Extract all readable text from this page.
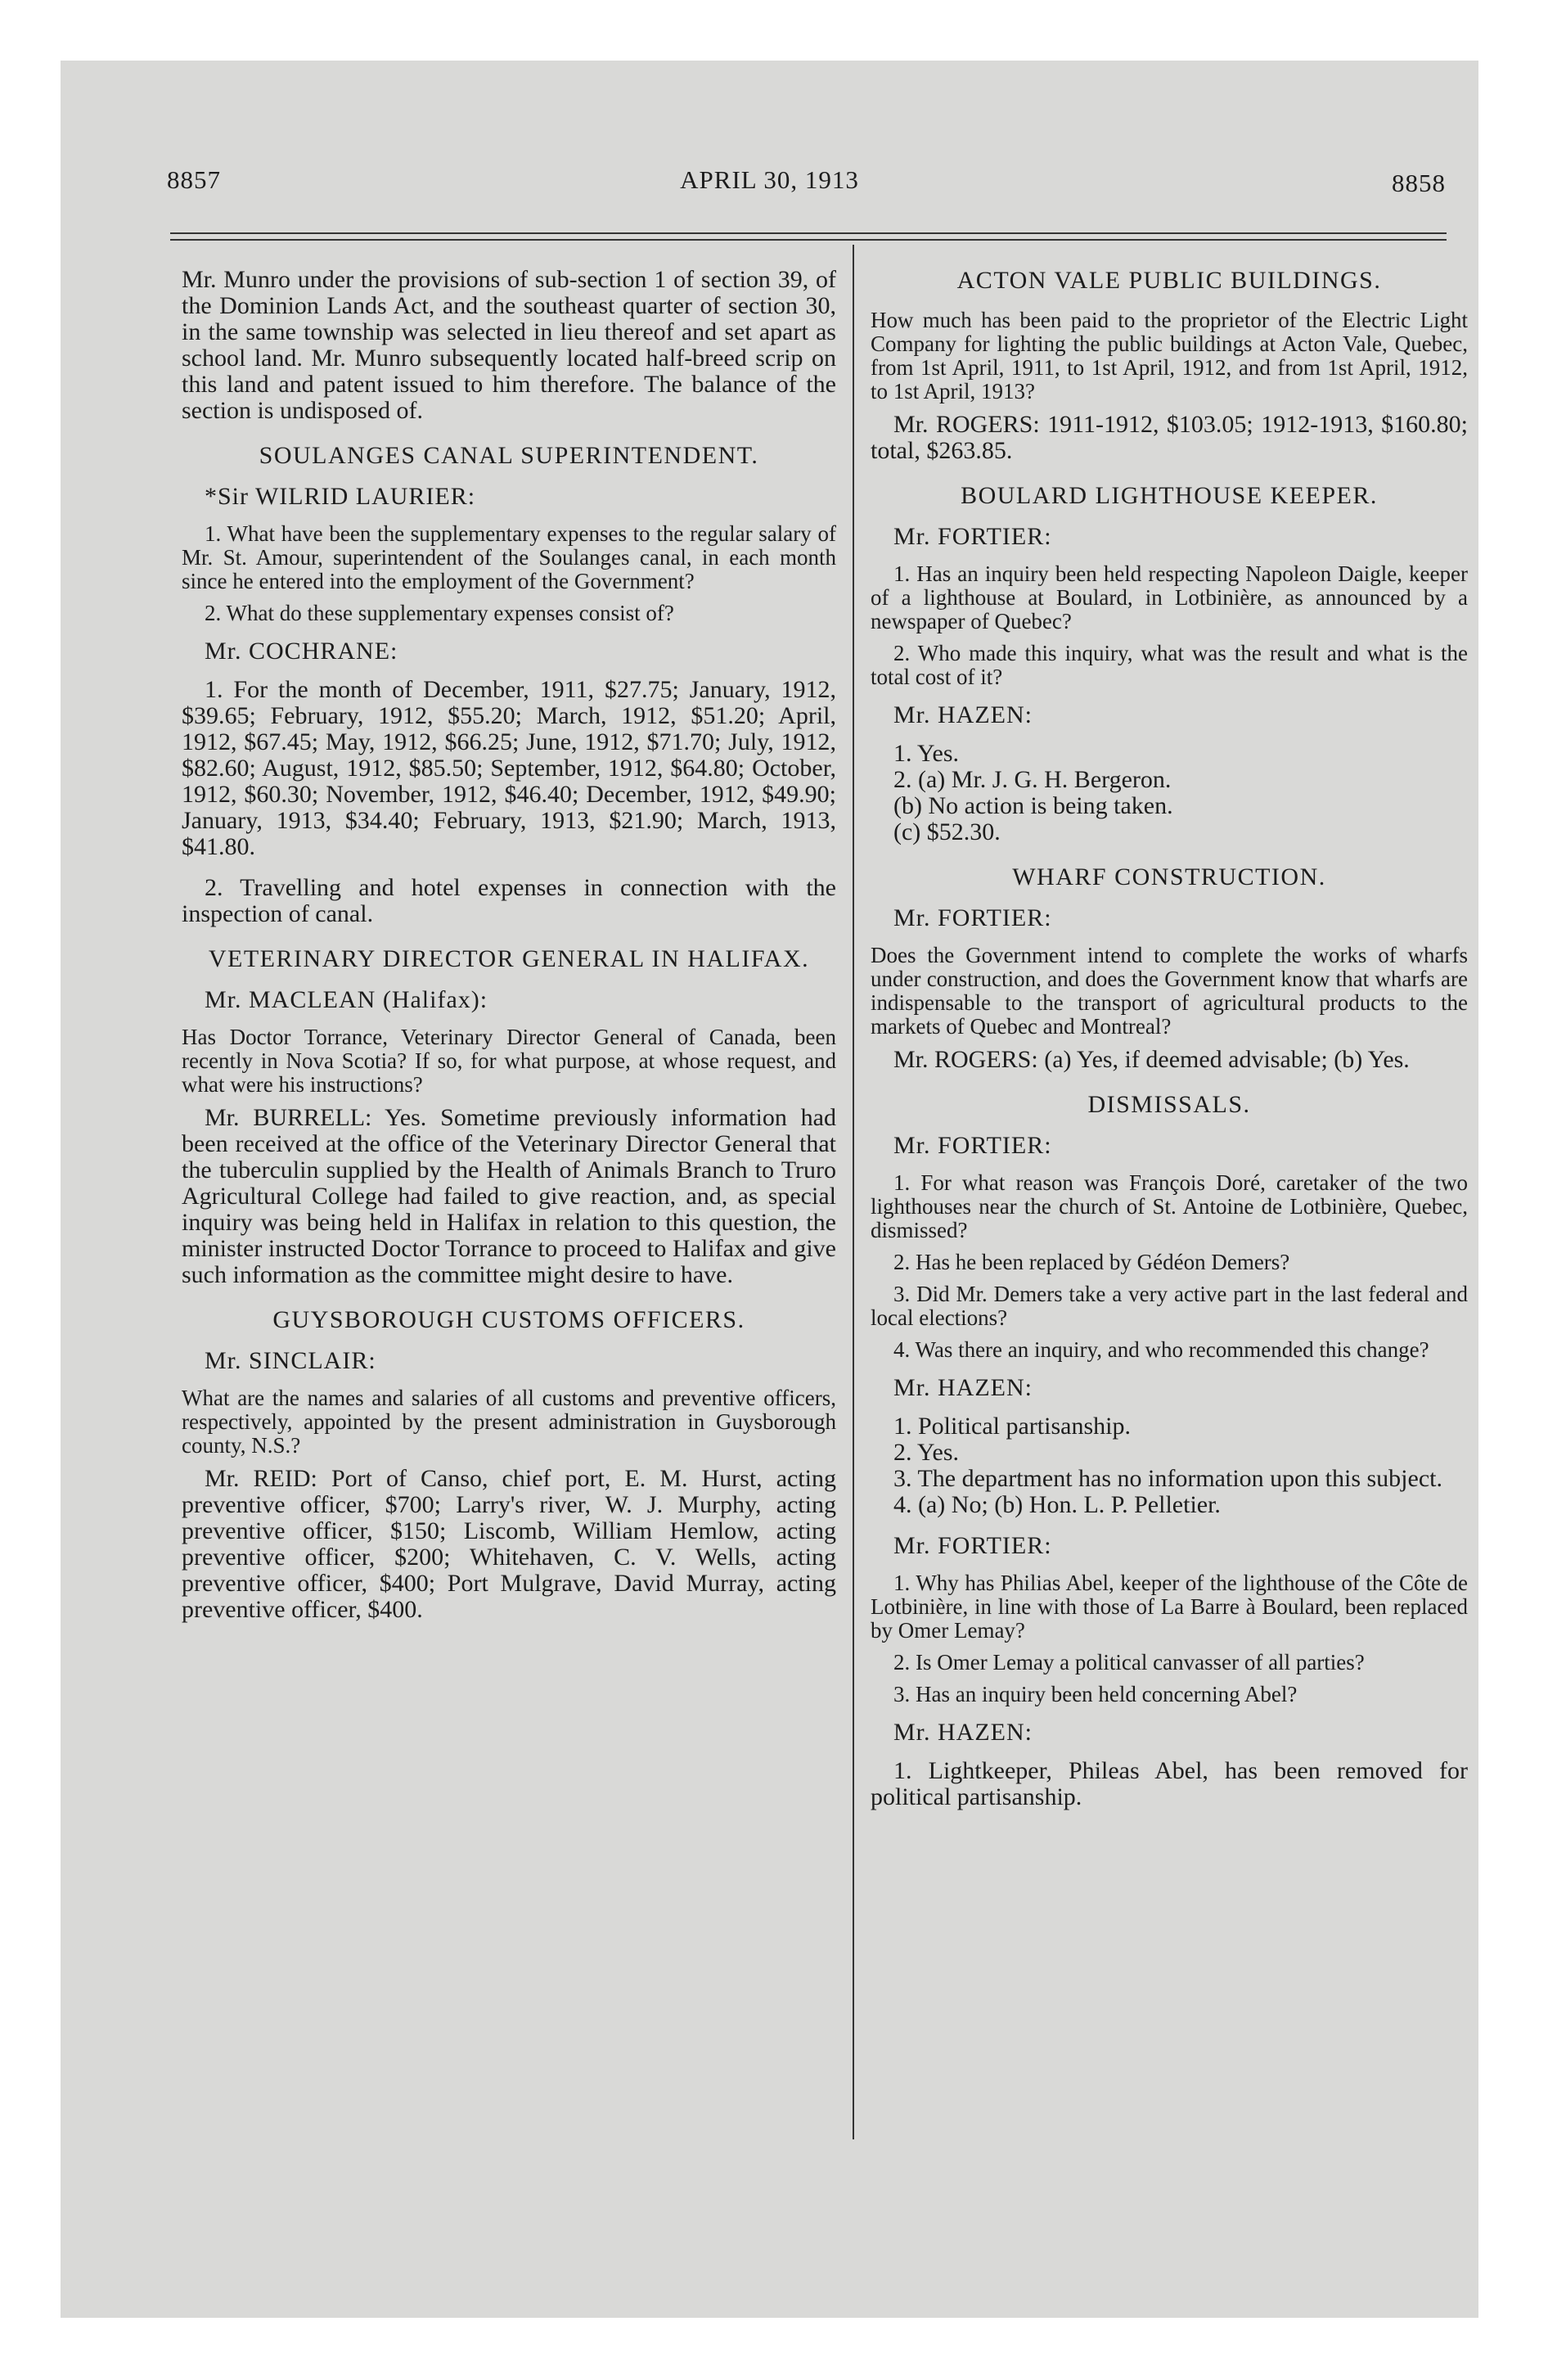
8857	APRIL 30, 1913	8858

Mr. Munro under the provisions of sub-section 1 of section 39, of the Dominion Lands Act, and the southeast quarter of section 30, in the same township was selected in lieu thereof and set apart as school land. Mr. Munro subsequently located half-breed scrip on this land and patent issued to him therefore. The balance of the section is undisposed of.

SOULANGES CANAL SUPERINTENDENT.

*Sir WILRID LAURIER:

1. What have been the supplementary expenses to the regular salary of Mr. St. Amour, superintendent of the Soulanges canal, in each month since he entered into the employment of the Government?

2. What do these supplementary expenses consist of?

Mr. COCHRANE:

1. For the month of December, 1911, $27.75; January, 1912, $39.65; February, 1912, $55.20; March, 1912, $51.20; April, 1912, $67.45; May, 1912, $66.25; June, 1912, $71.70; July, 1912, $82.60; August, 1912, $85.50; September, 1912, $64.80; October, 1912, $60.30; November, 1912, $46.40; December, 1912, $49.90; January, 1913, $34.40; February, 1913, $21.90; March, 1913, $41.80.

2. Travelling and hotel expenses in connection with the inspection of canal.

VETERINARY DIRECTOR GENERAL IN HALIFAX.

Mr. MACLEAN (Halifax):

Has Doctor Torrance, Veterinary Director General of Canada, been recently in Nova Scotia? If so, for what purpose, at whose request, and what were his instructions?

Mr. BURRELL: Yes. Sometime previously information had been received at the office of the Veterinary Director General that the tuberculin supplied by the Health of Animals Branch to Truro Agricultural College had failed to give reaction, and, as special inquiry was being held in Halifax in relation to this question, the minister instructed Doctor Torrance to proceed to Halifax and give such information as the committee might desire to have.

GUYSBOROUGH CUSTOMS OFFICERS.

Mr. SINCLAIR:

What are the names and salaries of all customs and preventive officers, respectively, appointed by the present administration in Guysborough county, N.S.?

Mr. REID: Port of Canso, chief port, E. M. Hurst, acting preventive officer, $700; Larry's river, W. J. Murphy, acting preventive officer, $150; Liscomb, William Hemlow, acting preventive officer, $200; Whitehaven, C. V. Wells, acting preventive officer, $400; Port Mulgrave, David Murray, acting preventive officer, $400.

ACTON VALE PUBLIC BUILDINGS.

How much has been paid to the proprietor of the Electric Light Company for lighting the public buildings at Acton Vale, Quebec, from 1st April, 1911, to 1st April, 1912, and from 1st April, 1912, to 1st April, 1913?

Mr. ROGERS: 1911-1912, $103.05; 1912-1913, $160.80; total, $263.85.

BOULARD LIGHTHOUSE KEEPER.

Mr. FORTIER:

1. Has an inquiry been held respecting Napoleon Daigle, keeper of a lighthouse at Boulard, in Lotbinière, as announced by a newspaper of Quebec?

2. Who made this inquiry, what was the result and what is the total cost of it?

Mr. HAZEN:

1. Yes.

2. (a) Mr. J. G. H. Bergeron.

(b) No action is being taken.

(c) $52.30.

WHARF CONSTRUCTION.

Mr. FORTIER:

Does the Government intend to complete the works of wharfs under construction, and does the Government know that wharfs are indispensable to the transport of agricultural products to the markets of Quebec and Montreal?

Mr. ROGERS: (a) Yes, if deemed advisable; (b) Yes.

DISMISSALS.

Mr. FORTIER:

1. For what reason was François Doré, caretaker of the two lighthouses near the church of St. Antoine de Lotbinière, Quebec, dismissed?

2. Has he been replaced by Gédéon Demers?

3. Did Mr. Demers take a very active part in the last federal and local elections?

4. Was there an inquiry, and who recommended this change?

Mr. HAZEN:

1. Political partisanship.

2. Yes.

3. The department has no information upon this subject.

4. (a) No; (b) Hon. L. P. Pelletier.

Mr. FORTIER:

1. Why has Philias Abel, keeper of the lighthouse of the Côte de Lotbinière, in line with those of La Barre à Boulard, been replaced by Omer Lemay?

2. Is Omer Lemay a political canvasser of all parties?

3. Has an inquiry been held concerning Abel?

Mr. HAZEN:

1. Lightkeeper, Phileas Abel, has been removed for political partisanship.
